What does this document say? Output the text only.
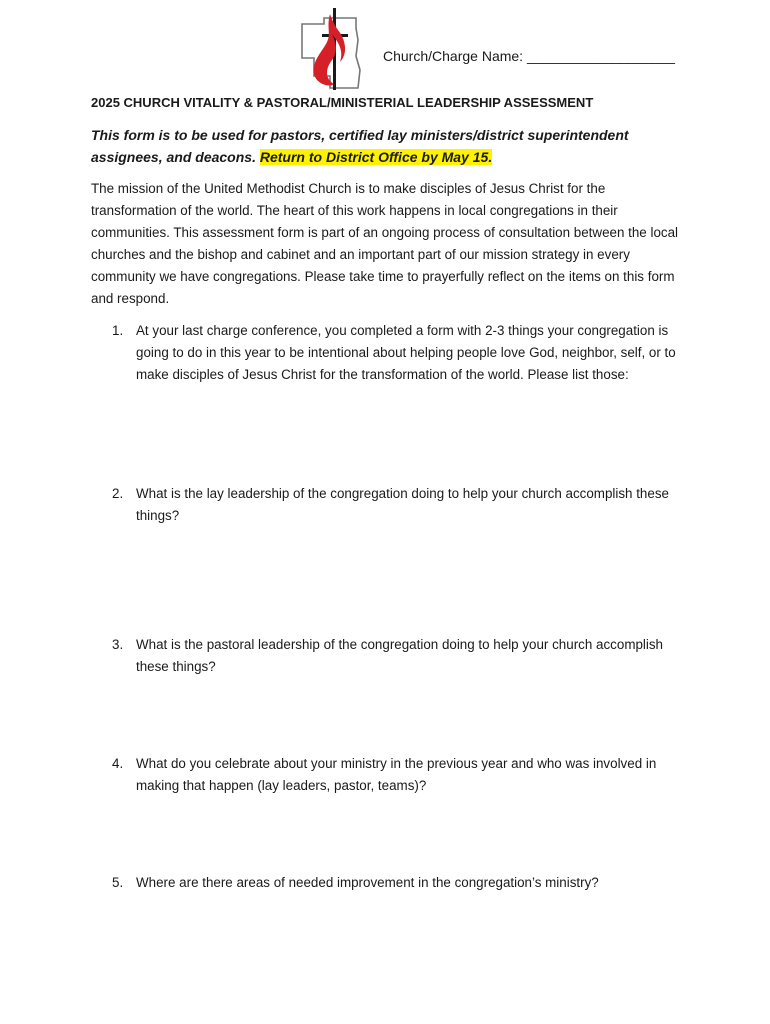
Church/Charge Name: ___________________
2025 CHURCH VITALITY & PASTORAL/MINISTERIAL LEADERSHIP ASSESSMENT
This form is to be used for pastors, certified lay ministers/district superintendent assignees, and deacons. Return to District Office by May 15.
The mission of the United Methodist Church is to make disciples of Jesus Christ for the transformation of the world. The heart of this work happens in local congregations in their communities. This assessment form is part of an ongoing process of consultation between the local churches and the bishop and cabinet and an important part of our mission strategy in every community we have congregations. Please take time to prayerfully reflect on the items on this form and respond.
1. At your last charge conference, you completed a form with 2-3 things your congregation is going to do in this year to be intentional about helping people love God, neighbor, self, or to make disciples of Jesus Christ for the transformation of the world. Please list those:
2. What is the lay leadership of the congregation doing to help your church accomplish these things?
3. What is the pastoral leadership of the congregation doing to help your church accomplish these things?
4. What do you celebrate about your ministry in the previous year and who was involved in making that happen (lay leaders, pastor, teams)?
5. Where are there areas of needed improvement in the congregation’s ministry?
